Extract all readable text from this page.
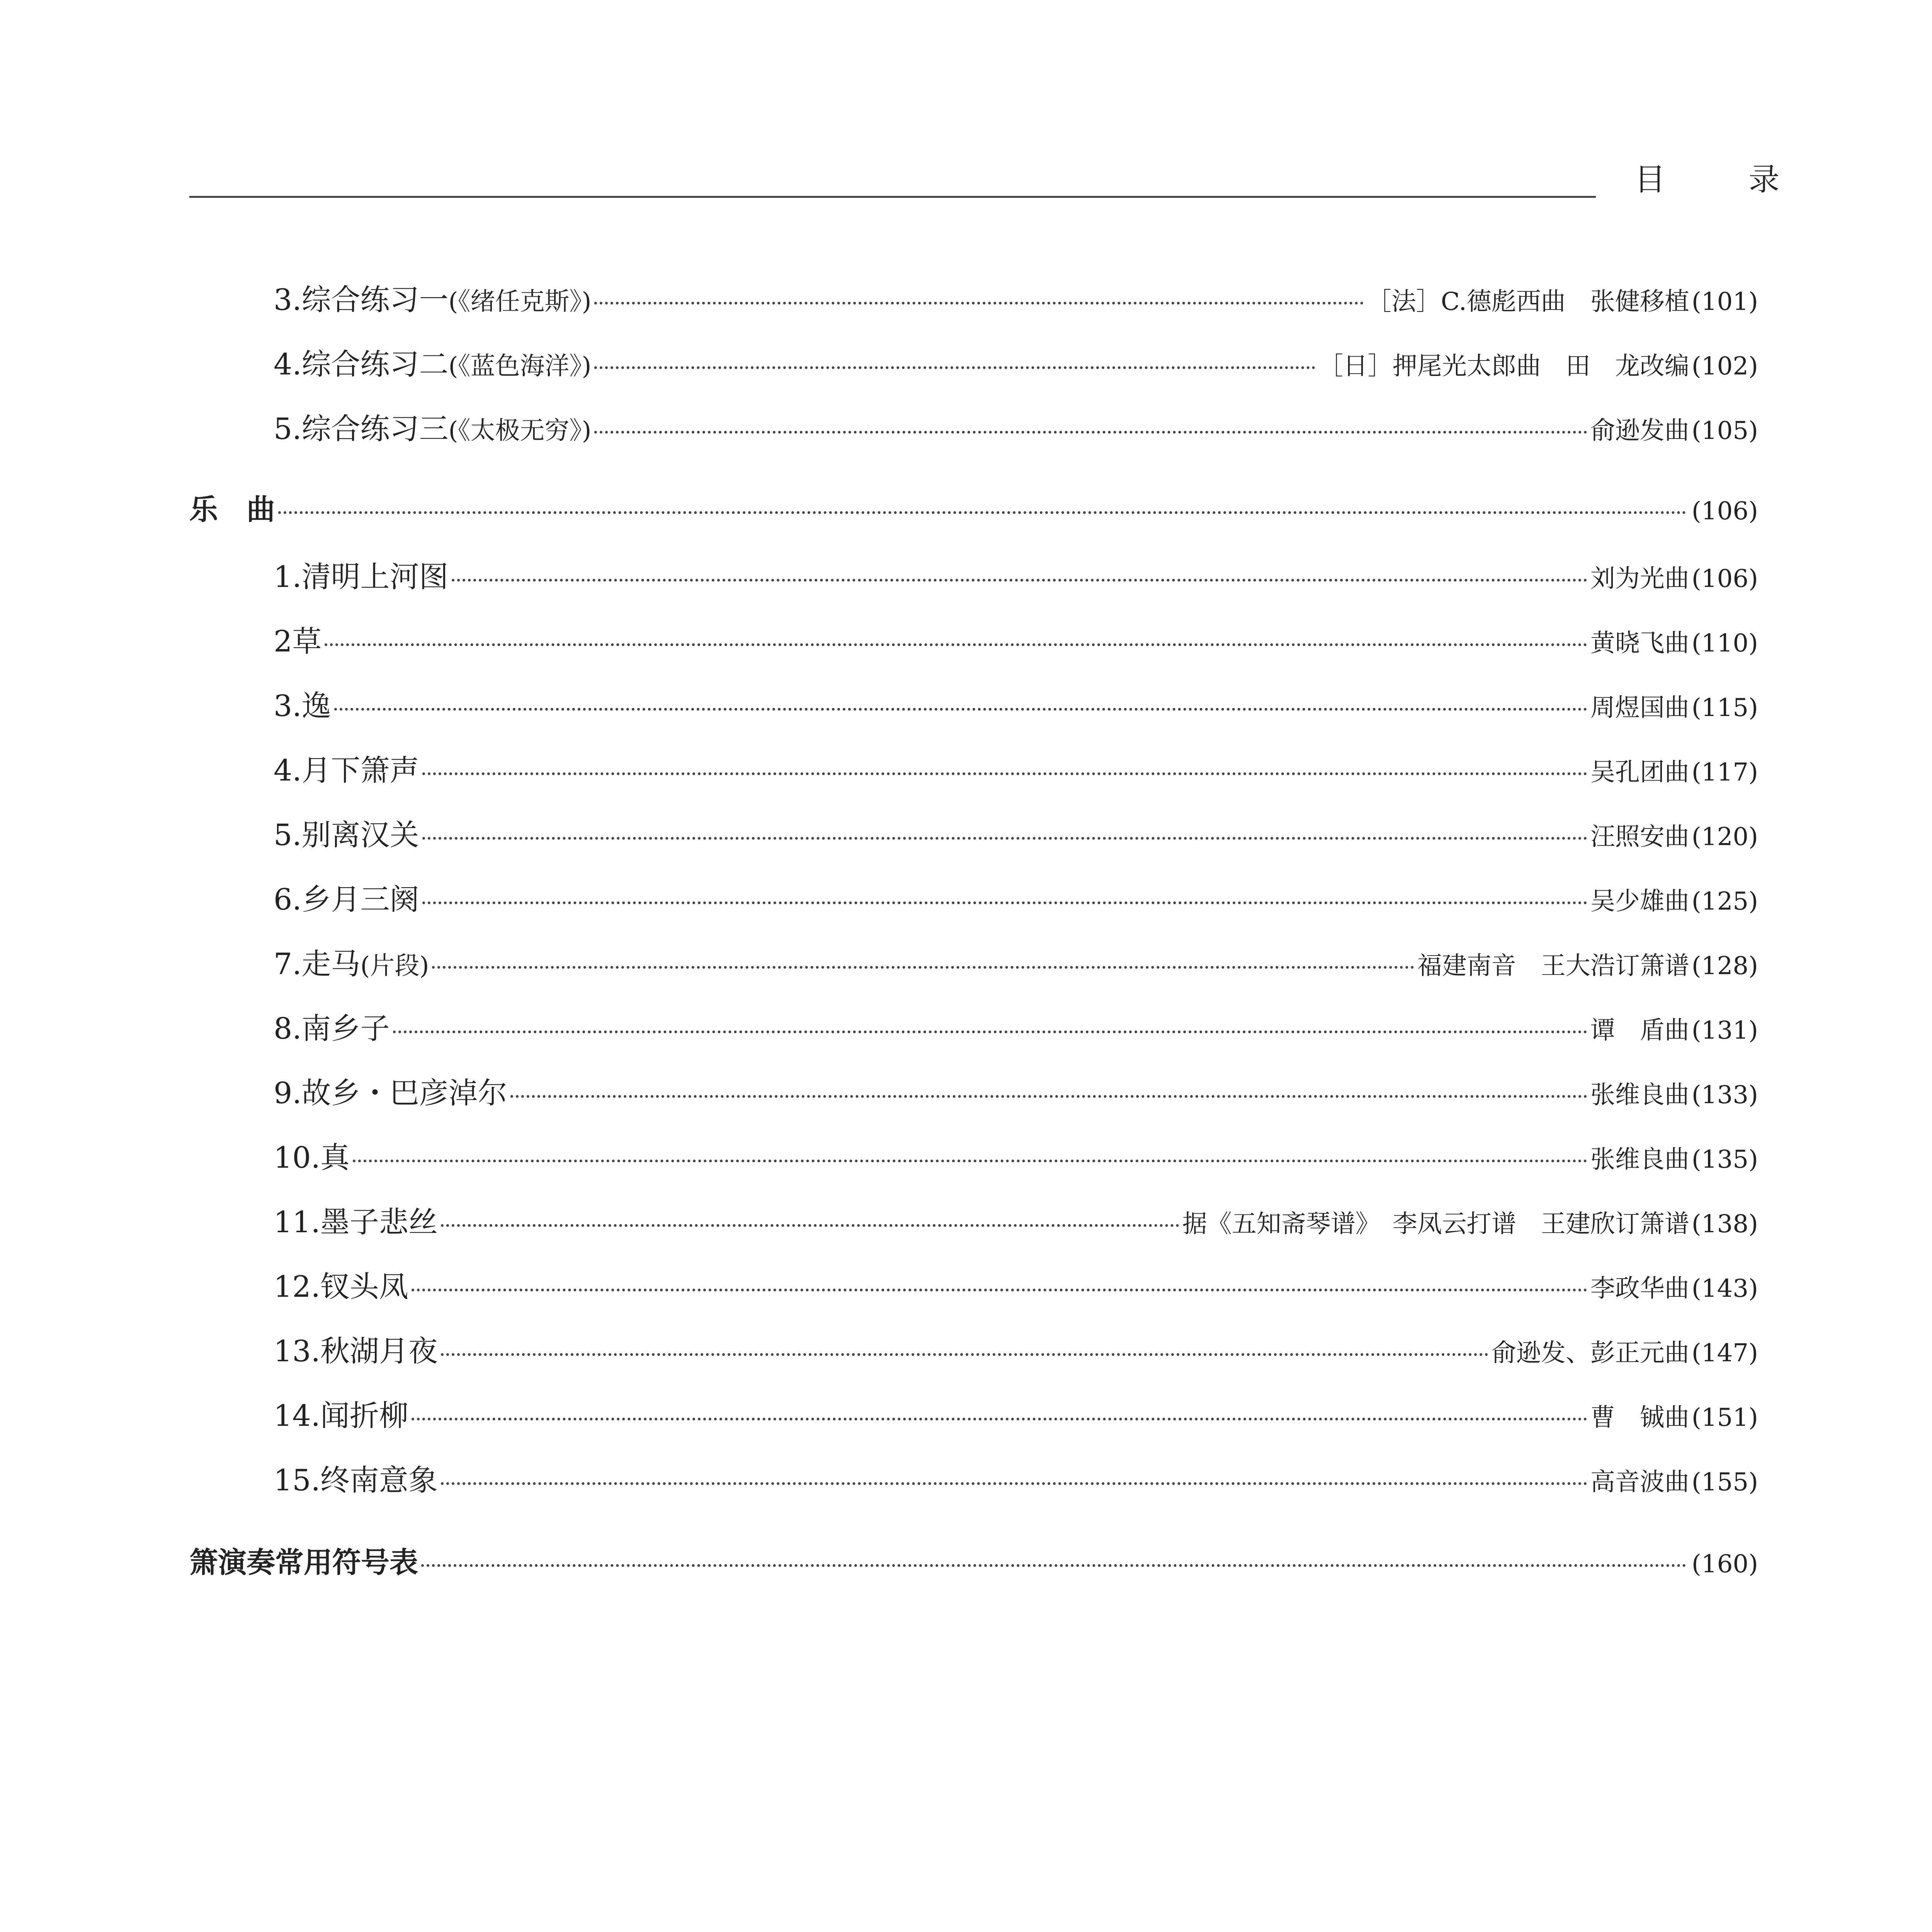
目 录
3.综合练习一(《绪任克斯》)	［法］C.德彪西曲　张健移植 (101)
4.综合练习二(《蓝色海洋》)	［日］押尾光太郎曲　田　龙改编 (102)
5.综合练习三(《太极无穷》)	俞逊发曲 (105)
乐　曲	(106)
1.清明上河图	刘为光曲 (106)
2草	黄晓飞曲 (110)
3.逸	周煜国曲 (115)
4.月下箫声	吴孔团曲 (117)
5.别离汉关	汪照安曲 (120)
6.乡月三阕	吴少雄曲 (125)
7.走马(片段)	福建南音　王大浩订箫谱 (128)
8.南乡子	谭　盾曲 (131)
9.故乡・巴彦淖尔	张维良曲 (133)
10.真	张维良曲 (135)
11.墨子悲丝	据《五知斋琴谱》　李凤云打谱　王建欣订箫谱 (138)
12.钗头凤	李政华曲 (143)
13.秋湖月夜	俞逊发、彭正元曲 (147)
14.闻折柳	曹　铖曲 (151)
15.终南意象	高音波曲 (155)
箫演奏常用符号表	(160)
